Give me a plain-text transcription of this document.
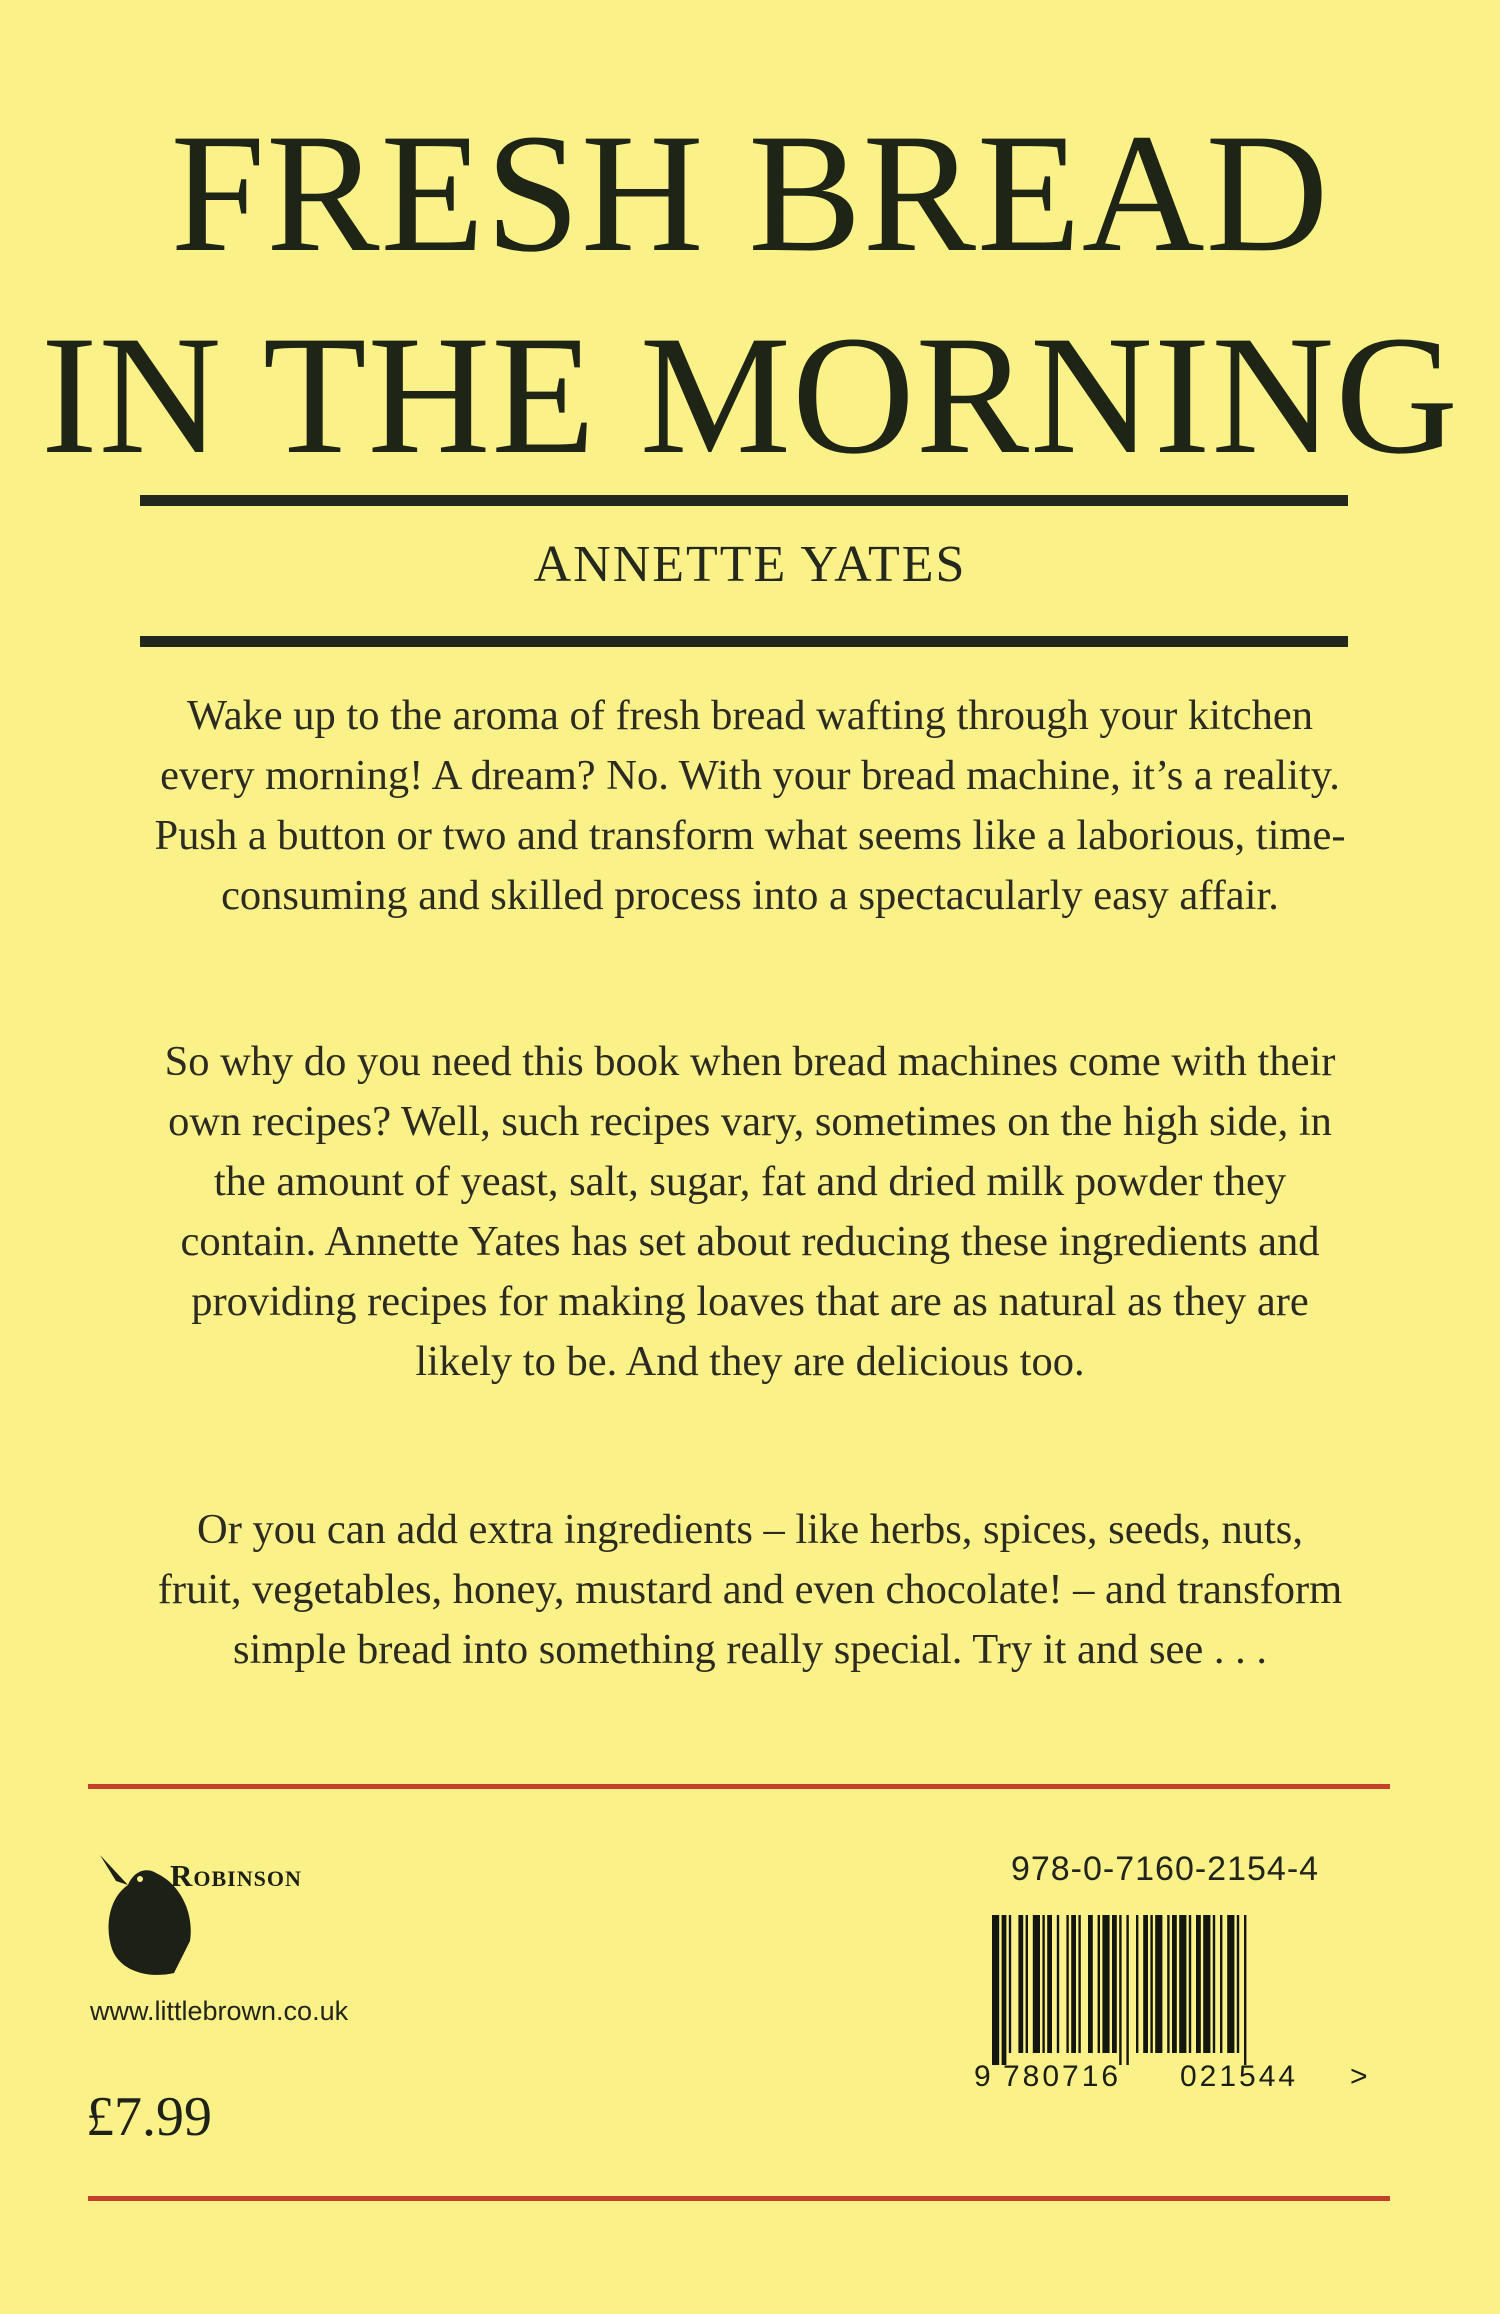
FRESH BREAD
IN THE MORNING
ANNETTE YATES

Wake up to the aroma of fresh bread wafting through your kitchen every morning! A dream? No. With your bread machine, it’s a reality. Push a button or two and transform what seems like a laborious, time-consuming and skilled process into a spectacularly easy affair.

So why do you need this book when bread machines come with their own recipes? Well, such recipes vary, sometimes on the high side, in the amount of yeast, salt, sugar, fat and dried milk powder they contain. Annette Yates has set about reducing these ingredients and providing recipes for making loaves that are as natural as they are likely to be. And they are delicious too.

Or you can add extra ingredients – like herbs, spices, seeds, nuts, fruit, vegetables, honey, mustard and even chocolate! – and transform simple bread into something really special. Try it and see . . .

Robinson
www.littlebrown.co.uk
£7.99
978-0-7160-2154-4
9 780716 021544 >
